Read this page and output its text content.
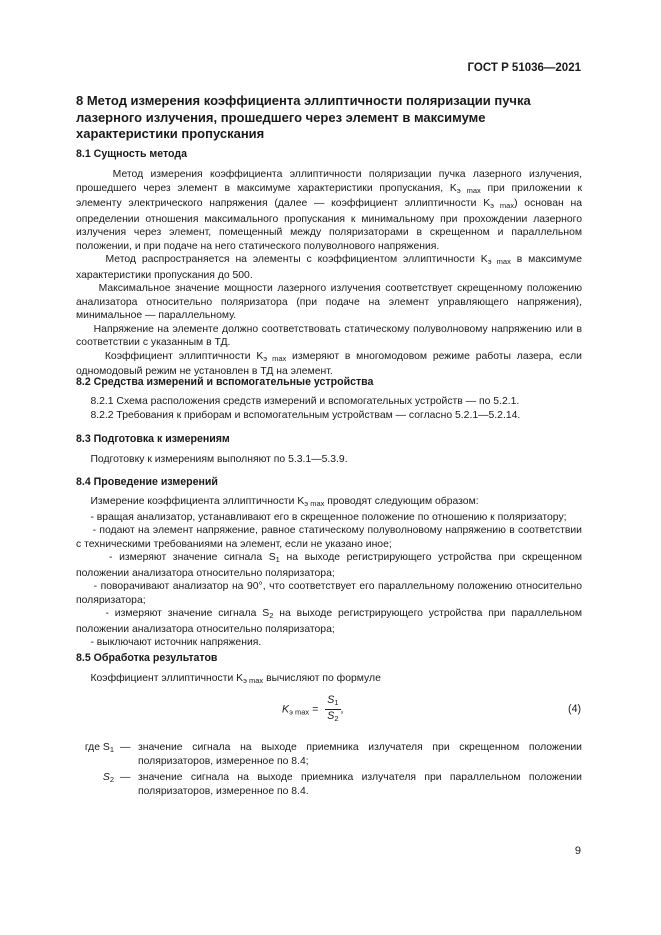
ГОСТ Р 51036—2021
8 Метод измерения коэффициента эллиптичности поляризации пучка лазерного излучения, прошедшего через элемент в максимуме характеристики пропускания
8.1 Сущность метода

Метод измерения коэффициента эллиптичности поляризации пучка лазерного излучения, прошедшего через элемент в максимуме характеристики пропускания, $K_{э max}$ при приложении к элементу электрического напряжения (далее — коэффициент эллиптичности $K_{э max}$) основан на определении отношения максимального пропускания к минимальному при прохождении лазерного излучения через элемент, помещенный между поляризаторами в скрещенном и параллельном положении, и при подаче на него статического полуволнового напряжения.

Метод распространяется на элементы с коэффициентом эллиптичности $K_{э max}$ в максимуме характеристики пропускания до 500.

Максимальное значение мощности лазерного излучения соответствует скрещенному положению анализатора относительно поляризатора (при подаче на элемент управляющего напряжения), минимальное — параллельному.

Напряжение на элементе должно соответствовать статическому полуволновому напряжению или в соответствии с указанным в ТД.

Коэффициент эллиптичности $K_{э max}$ измеряют в многомодовом режиме работы лазера, если одномодовый режим не установлен в ТД на элемент.

8.2 Средства измерений и вспомогательные устройства

8.2.1 Схема расположения средств измерений и вспомогательных устройств — по 5.2.1.

8.2.2 Требования к приборам и вспомогательным устройствам — согласно 5.2.1—5.2.14.

8.3 Подготовка к измерениям

Подготовку к измерениям выполняют по 5.3.1—5.3.9.

8.4 Проведение измерений

Измерение коэффициента эллиптичности $K_{э max}$ проводят следующим образом:

- вращая анализатор, устанавливают его в скрещенное положение по отношению к поляризатору;

- подают на элемент напряжение, равное статическому полуволновому напряжению в соответствии с техническими требованиями на элемент, если не указано иное;

- измеряют значение сигнала $S_1$ на выходе регистрирующего устройства при скрещенном положении анализатора относительно поляризатора;

- поворачивают анализатор на 90°, что соответствует его параллельному положению относительно поляризатора;

- измеряют значение сигнала $S_2$ на выходе регистрирующего устройства при параллельном положении анализатора относительно поляризатора;

- выключают источник напряжения.

8.5 Обработка результатов

Коэффициент эллиптичности $K_{э max}$ вычисляют по формуле

$K_{э max} = \frac{S_1}{S_2}$ ,	(4)
где $S_1$ — значение сигнала на выходе приемника излучателя при скрещенном положении поляризаторов, измеренное по 8.4;
$S_2$ — значение сигнала на выходе приемника излучателя при параллельном положении поляризаторов, измеренное по 8.4.
9
